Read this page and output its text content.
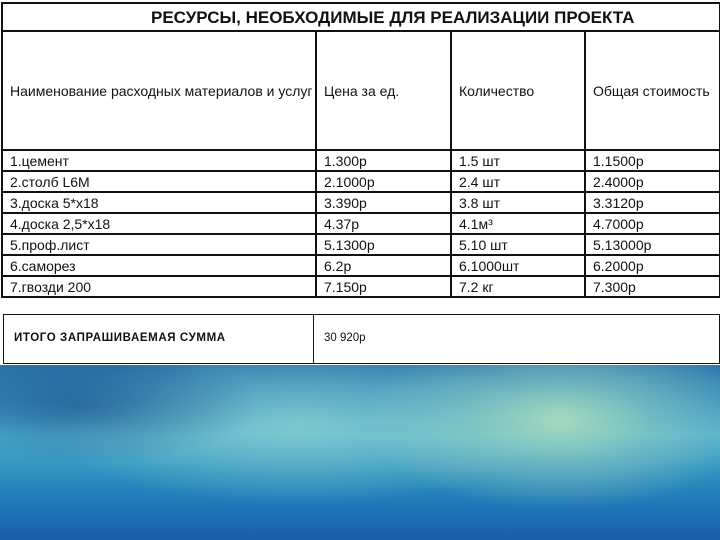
РЕСУРСЫ, НЕОБХОДИМЫЕ ДЛЯ РЕАЛИЗАЦИИ ПРОЕКТА			
Наименование расходных материалов и услуг	Цена за ед.	Количество	Общая стоимость
1.цемент	1.300р	1.5 шт	1.1500р
2.столб L6M	2.1000р	2.4 шт	2.4000р
3.доска 5*х18	3.390р	3.8 шт	3.3120р
4.доска 2,5*х18	4.37р	4.1м³	4.7000р
5.проф.лист	5.1300р	5.10 шт	5.13000р
6.саморез	6.2р	6.1000шт	6.2000р
7.гвозди 200	7.150р	7.2 кг	7.300р
ИТОГО ЗАПРАШИВАЕМАЯ СУММА	30 920р
